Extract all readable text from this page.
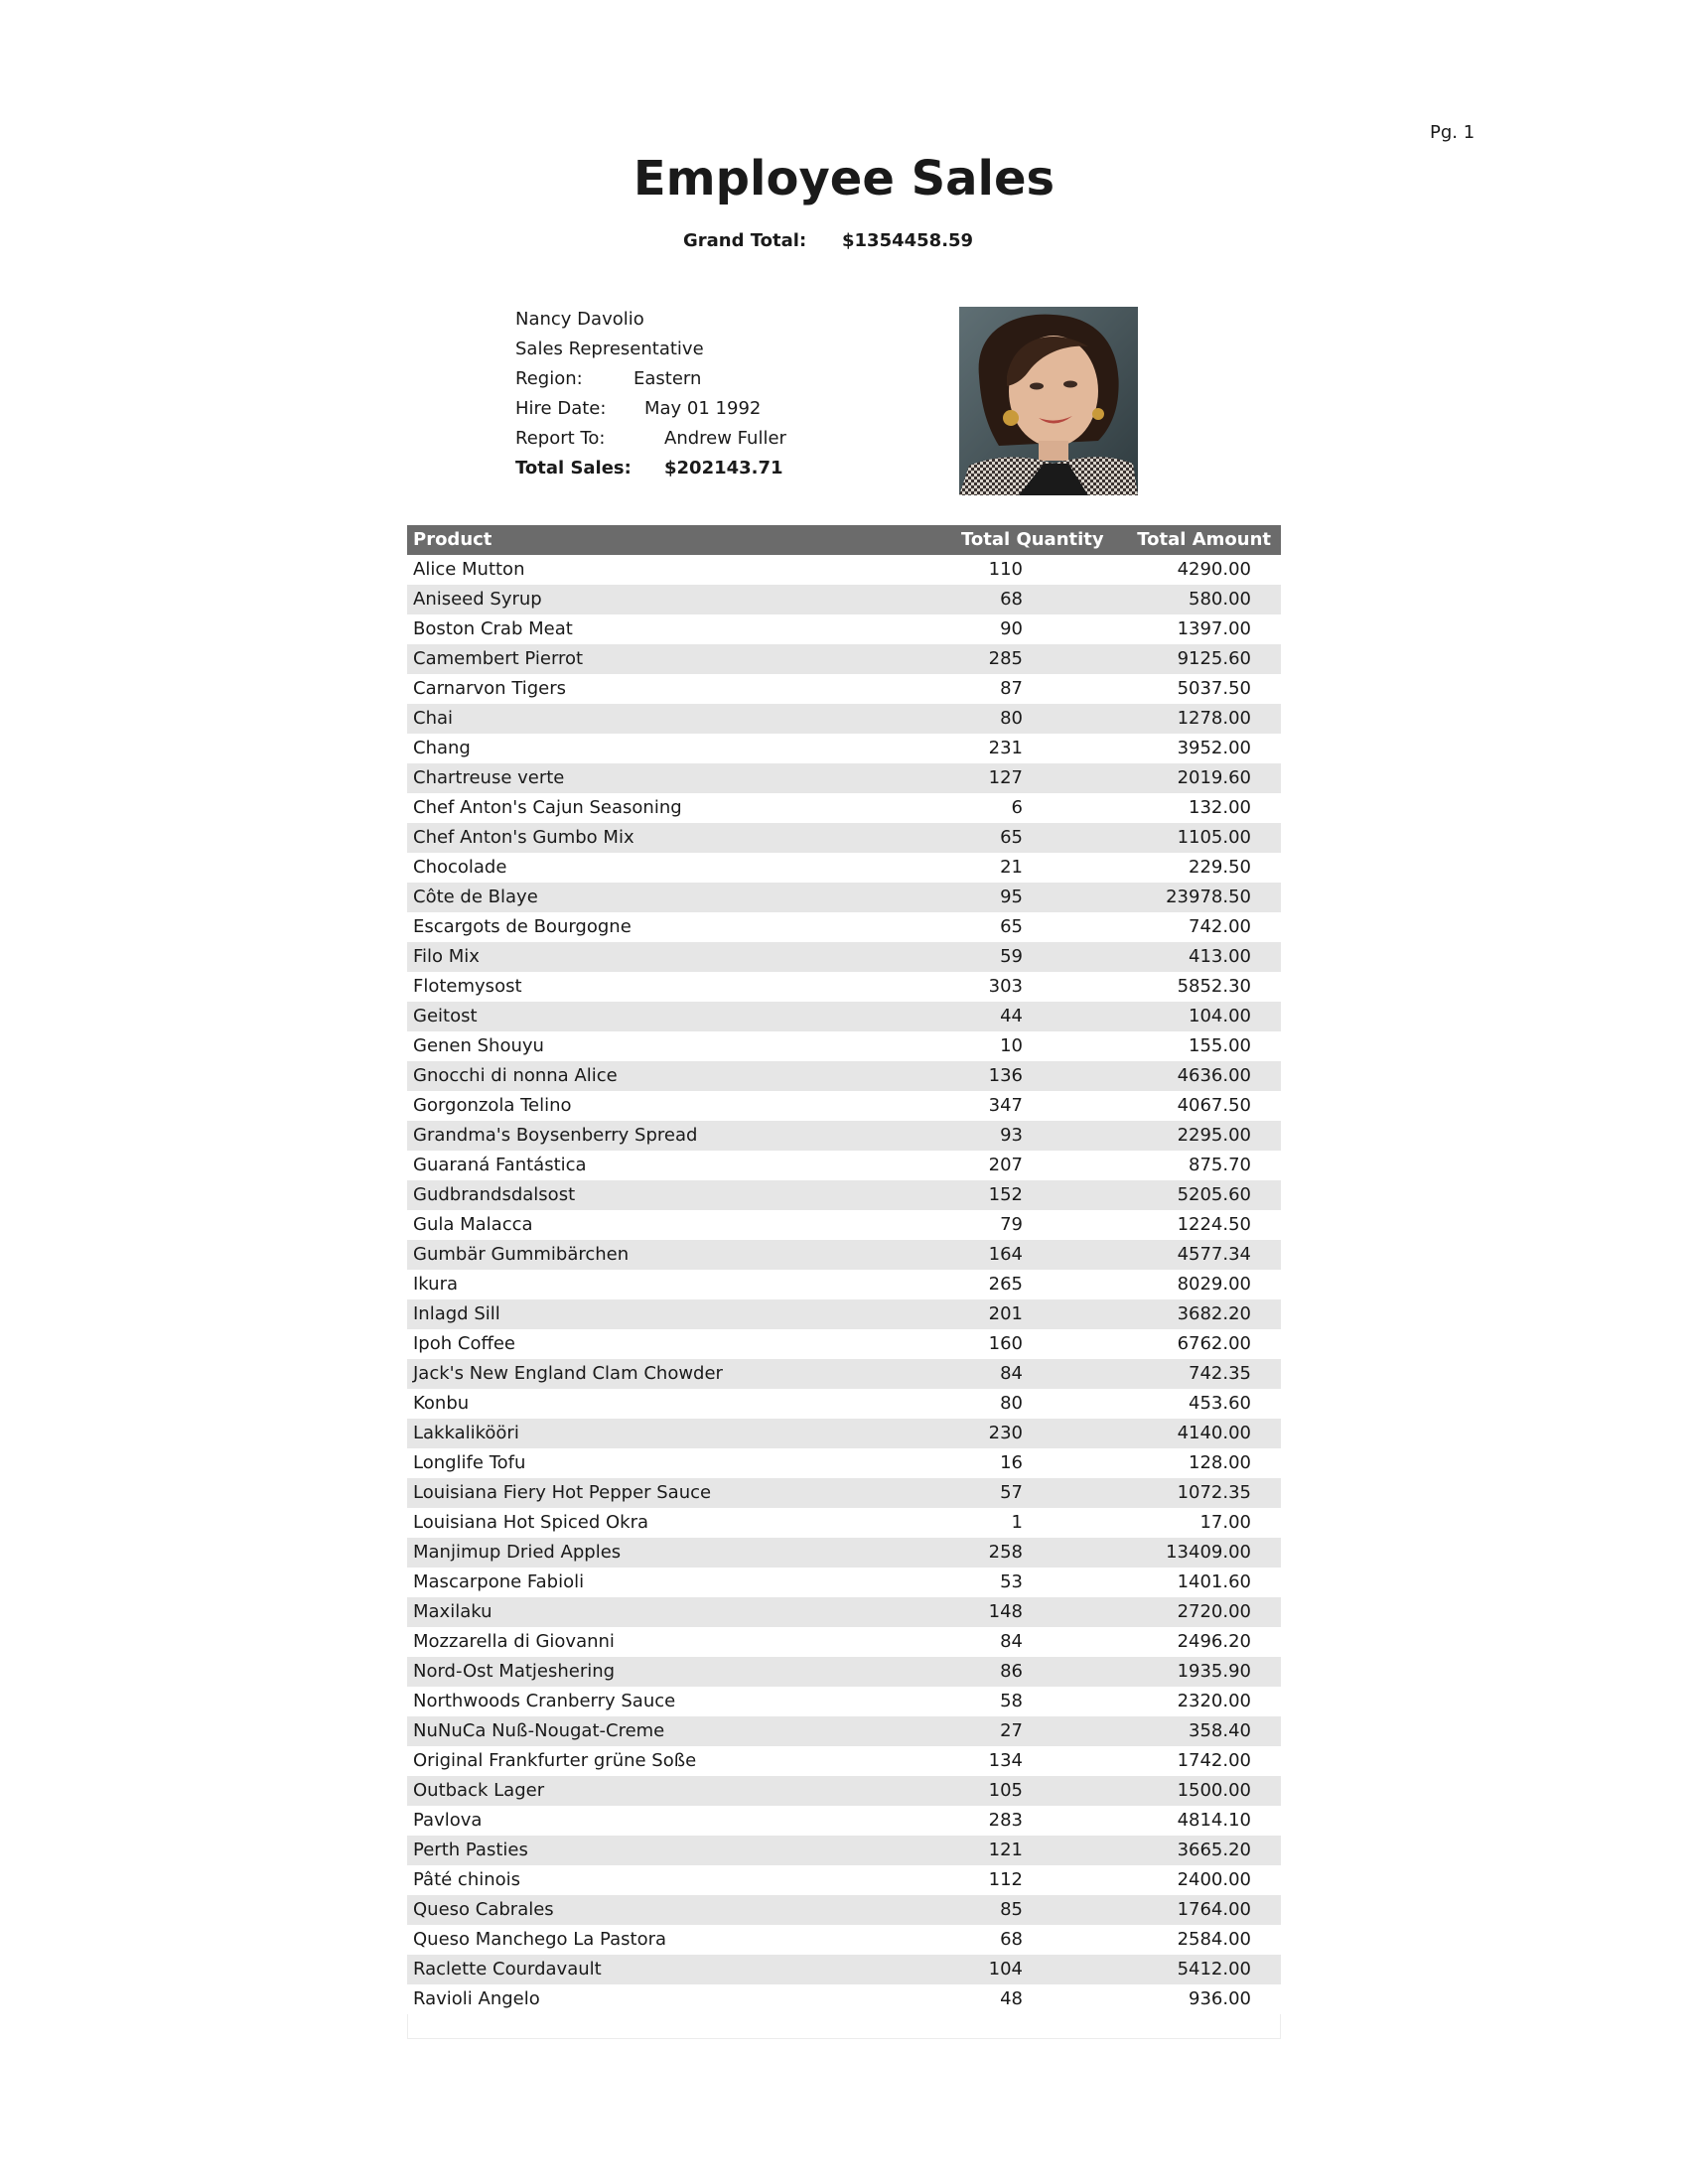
Pg. 1
Employee Sales
Grand Total: $1354458.59
Nancy Davolio
Sales Representative
Region:	Eastern
Hire Date: May 01 1992
Report To:	Andrew Fuller
Total Sales: $202143.71
Product	Total Quantity Total Amount
Alice Mutton	110	4290.00
Aniseed Syrup	68	580.00
Boston Crab Meat	90	1397.00
Camembert Pierrot	285	9125.60
Carnarvon Tigers	87	5037.50
Chai	80	1278.00
Chang	231	3952.00
Chartreuse verte	127	2019.60
Chef Anton's Cajun Seasoning	6	132.00
Chef Anton's Gumbo Mix	65	1105.00
Chocolade	21	229.50
Côte de Blaye	95	23978.50
Escargots de Bourgogne	65	742.00
Filo Mix	59	413.00
Flotemysost	303	5852.30
Geitost	44	104.00
Genen Shouyu	10	155.00
Gnocchi di nonna Alice	136	4636.00
Gorgonzola Telino	347	4067.50
Grandma's Boysenberry Spread	93	2295.00
Guaraná Fantástica	207	875.70
Gudbrandsdalsost	152	5205.60
Gula Malacca	79	1224.50
Gumbär Gummibärchen	164	4577.34
Ikura	265	8029.00
Inlagd Sill	201	3682.20
Ipoh Coffee	160	6762.00
Jack's New England Clam Chowder	84	742.35
Konbu	80	453.60
Lakkalikööri	230	4140.00
Longlife Tofu	16	128.00
Louisiana Fiery Hot Pepper Sauce	57	1072.35
Louisiana Hot Spiced Okra	1	17.00
Manjimup Dried Apples	258	13409.00
Mascarpone Fabioli	53	1401.60
Maxilaku	148	2720.00
Mozzarella di Giovanni	84	2496.20
Nord-Ost Matjeshering	86	1935.90
Northwoods Cranberry Sauce	58	2320.00
NuNuCa Nuß-Nougat-Creme	27	358.40
Original Frankfurter grüne Soße	134	1742.00
Outback Lager	105	1500.00
Pavlova	283	4814.10
Perth Pasties	121	3665.20
Pâté chinois	112	2400.00
Queso Cabrales	85	1764.00
Queso Manchego La Pastora	68	2584.00
Raclette Courdavault	104	5412.00
Ravioli Angelo	48	936.00
